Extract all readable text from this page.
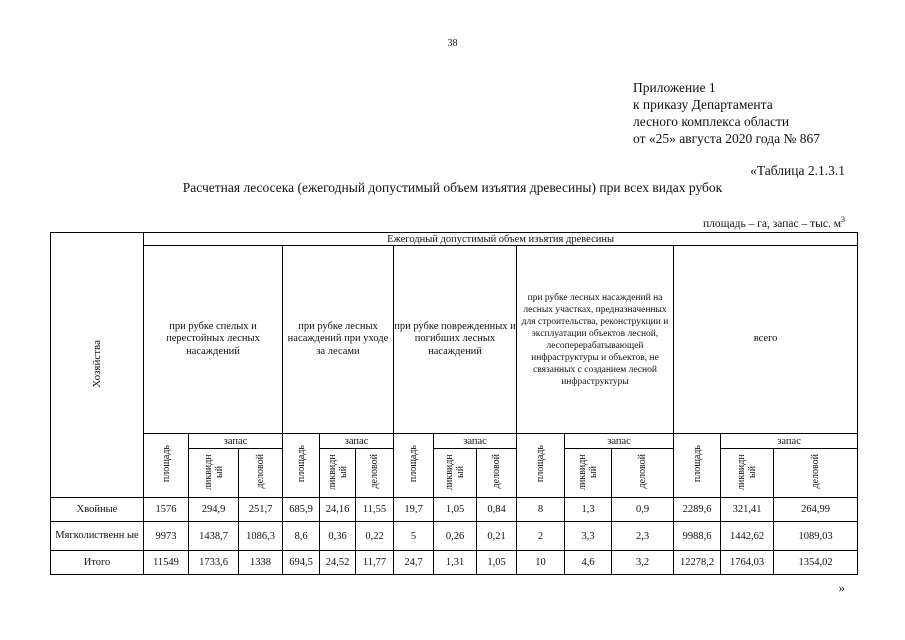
38
Приложение 1
к приказу Департамента
лесного комплекса области
от «25» августа 2020 года № 867
«Таблица 2.1.3.1
Расчетная лесосека (ежегодный допустимый объем изъятия древесины) при всех видах рубок
площадь – га, запас – тыс. $м^3$
Хозяйства	Ежегодный допустимый объем изъятия древесины														
	при рубке спелых и перестойных лесных насаждений			при рубке лесных насаждений при уходе за лесами			при рубке поврежденных и погибших лесных насаждений			при рубке лесных насаждений на лесных участках, предназначенных для строительства, реконструкции и эксплуатации объектов лесной, лесоперерабатывающей инфраструктуры и объектов, не связанных с созданием лесной инфраструктуры			всего		
	площадь	запас		площадь	запас		площадь	запас		площадь	запас		площадь	запас	
		ликвидн ый	деловой		ликвидн ый	деловой		ликвидн ый	деловой		ликвидн ый	деловой		ликвидн ый	деловой
Хвойные	1576	294,9	251,7	685,9	24,16	11,55	19,7	1,05	0,84	8	1,3	0,9	2289,6	321,41	264,99
Мягколиственн ые	9973	1438,7	1086,3	8,6	0,36	0,22	5	0,26	0,21	2	3,3	2,3	9988,6	1442,62	1089,03
Итого	11549	1733,6	1338	694,5	24,52	11,77	24,7	1,31	1,05	10	4,6	3,2	12278,2	1764,03	1354,02
»
